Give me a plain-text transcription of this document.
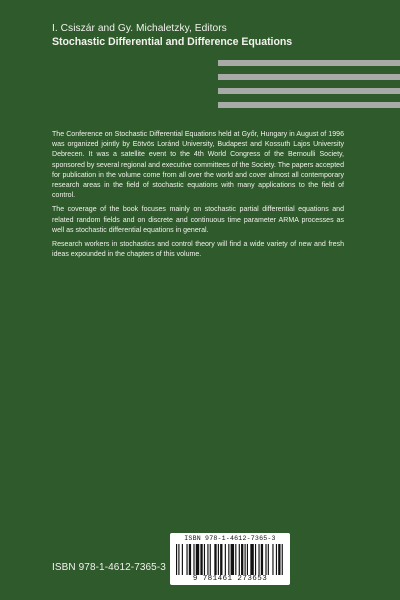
I. Csiszár and Gy. Michaletzky, Editors
Stochastic Differential and Difference Equations

The Conference on Stochastic Differential Equations held at Győr, Hungary in August of 1996 was organized jointly by Eötvös Loránd University, Budapest and Kossuth Lajos University Debrecen. It was a satellite event to the 4th World Congress of the Bernoulli Society, sponsored by several regional and executive committees of the Society. The papers accepted for publication in the volume come from all over the world and cover almost all contemporary research areas in the field of stochastic equations with many applications to the field of control.

The coverage of the book focuses mainly on stochastic partial differential equations and related random fields and on discrete and continuous time parameter ARMA processes as well as stochastic differential equations in general.

Research workers in stochastics and control theory will find a wide variety of new and fresh ideas expounded in the chapters of this volume.

ISBN 978-1-4612-7365-3
9 781461 273653
ISBN 978-1-4612-7365-3
